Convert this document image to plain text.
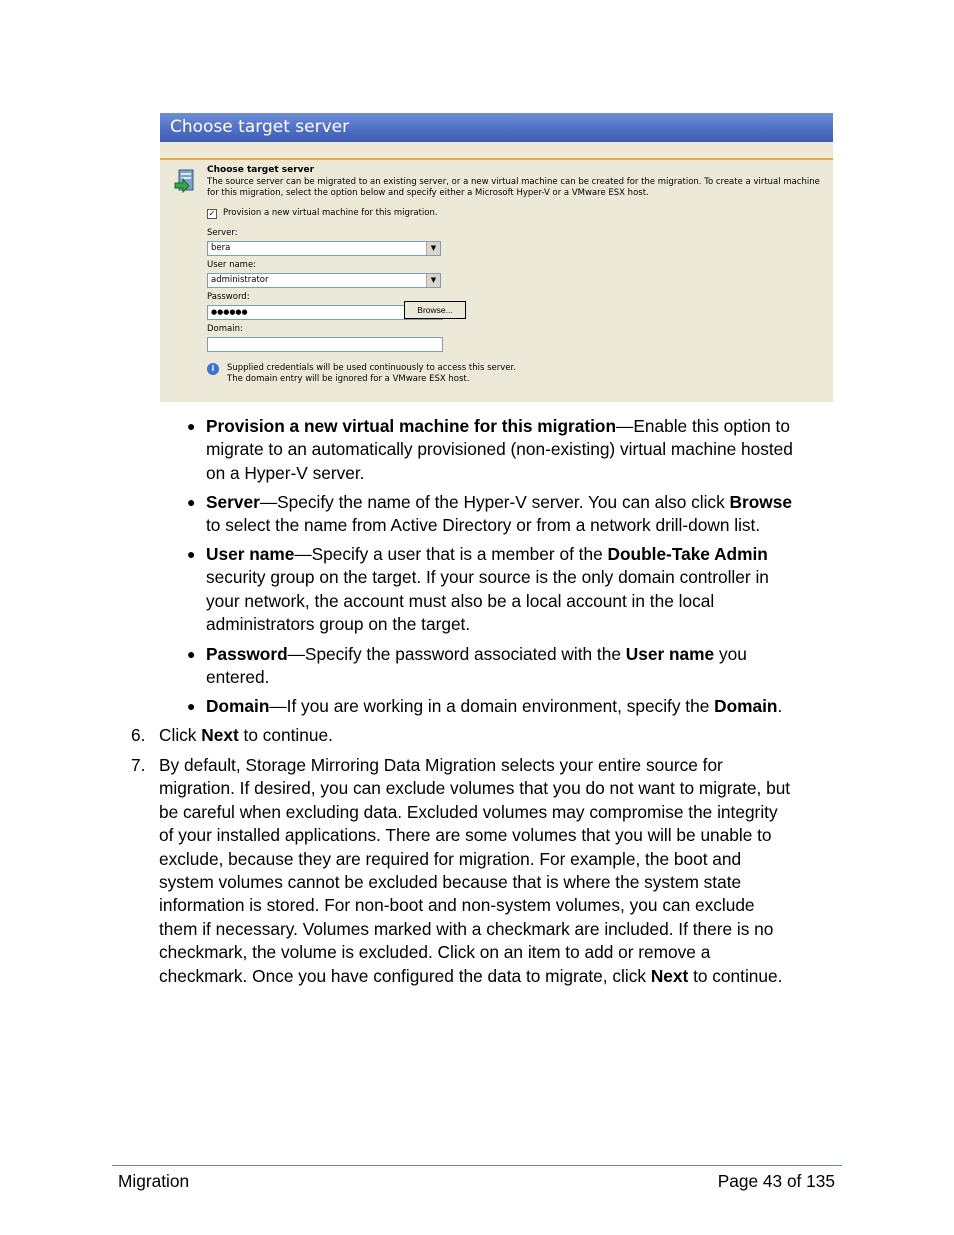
Choose target server
Choose target server
The source server can be migrated to an existing server, or a new virtual machine can be created for the migration. To create a virtual machine for this migration, select the option below and specify either a Microsoft Hyper-V or a VMware ESX host.
✓ Provision a new virtual machine for this migration.
Server:
bera	▼
User name:
administrator	▼
Password:
●●●●●●
Domain:
i	Supplied credentials will be used continuously to access this server.
The domain entry will be ignored for a VMware ESX host.
Browse...
● Provision a new virtual machine for this migration—Enable this option to
migrate to an automatically provisioned (non-existing) virtual machine hosted
on a Hyper-V server.
● Server—Specify the name of the Hyper-V server. You can also click Browse
to select the name from Active Directory or from a network drill-down list.
● User name—Specify a user that is a member of the Double-Take Admin
security group on the target. If your source is the only domain controller in
your network, the account must also be a local account in the local
administrators group on the target.
● Password—Specify the password associated with the User name you
entered.
● Domain—If you are working in a domain environment, specify the Domain.
6. Click Next to continue.
7. By default, Storage Mirroring Data Migration selects your entire source for
migration. If desired, you can exclude volumes that you do not want to migrate, but
be careful when excluding data. Excluded volumes may compromise the integrity
of your installed applications. There are some volumes that you will be unable to
exclude, because they are required for migration. For example, the boot and
system volumes cannot be excluded because that is where the system state
information is stored. For non-boot and non-system volumes, you can exclude
them if necessary. Volumes marked with a checkmark are included. If there is no
checkmark, the volume is excluded. Click on an item to add or remove a
checkmark. Once you have configured the data to migrate, click Next to continue.
Migration	Page 43 of 135
